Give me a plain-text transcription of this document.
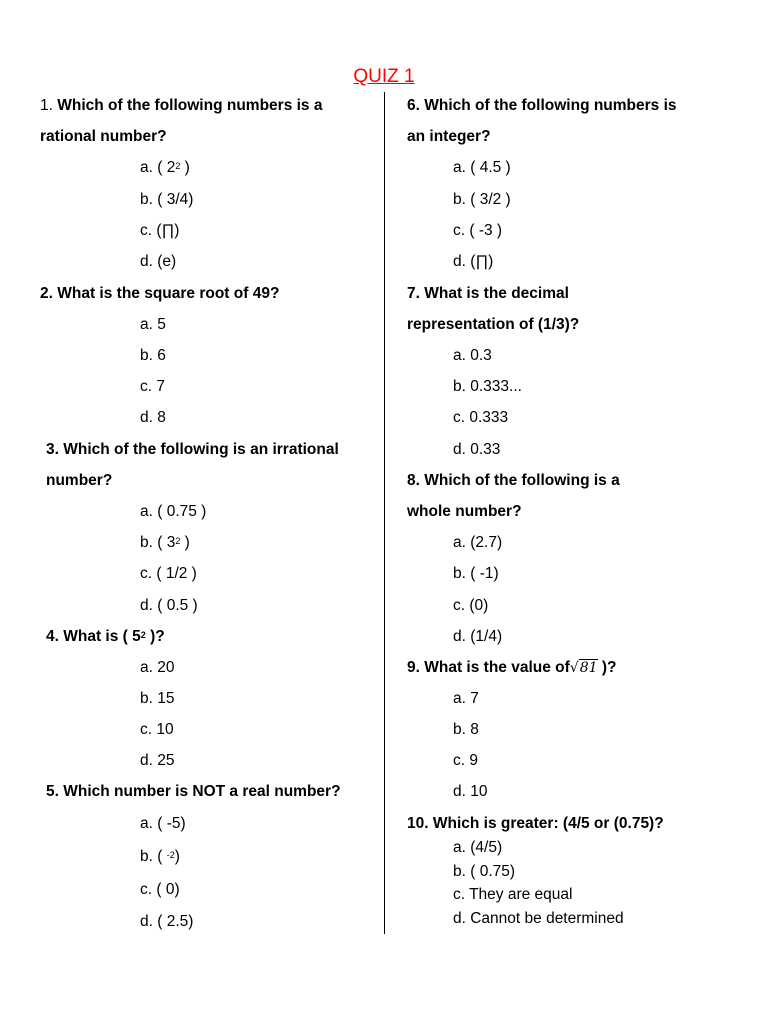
QUIZ 1
1. Which of the following numbers is a
rational number?
a. ( $2^2$ )
b. ( 3/4)
c. (∏)
d. (e)
2. What is the square root of 49?
a. 5
b. 6
c. 7
d. 8
3. Which of the following is an irrational
number?
a. ( 0.75 )
b. ( $3^2$ )
c. ( 1/2 )
d. ( 0.5 )
4. What is ( $5^2$ )?
a. 20
b. 15
c. 10
d. 25
5. Which number is NOT a real number?
a. ( -5)
b. ( $^{-2}$)
c. ( 0)
d. ( 2.5)
6. Which of the following numbers is
an integer?
a. ( 4.5 )
b. ( 3/2 )
c. ( -3 )
d. (∏)
7. What is the decimal
representation of (1/3)?
a. 0.3
b. 0.333...
c. 0.333
d. 0.33
8. Which of the following is a
whole number?
a. (2.7)
b. ( -1)
c. (0)
d. (1/4)
9. What is the value of√81 )?
a. 7
b. 8
c. 9
d. 10
10. Which is greater: (4/5 or (0.75)?
a. (4/5)
b. ( 0.75)
c. They are equal
d. Cannot be determined
